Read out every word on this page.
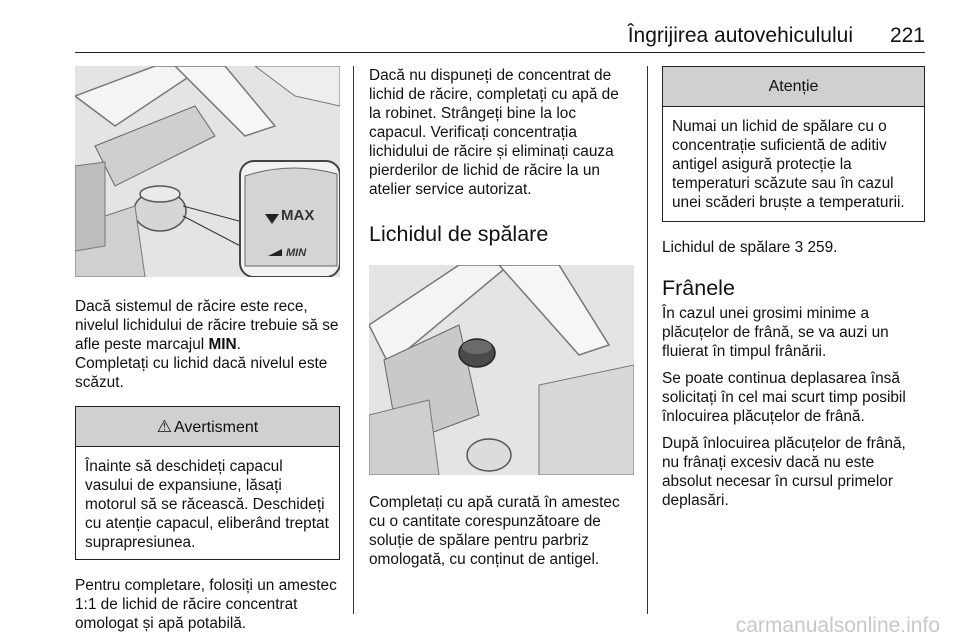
Îngrijirea autovehiculului 221
MAX
MIN

Dacă sistemul de răcire este rece, nivelul lichidului de răcire trebuie să se afle peste marcajul MIN.

Completați cu lichid dacă nivelul este scăzut.

⚠ Avertisment
Înainte să deschideți capacul vasului de expansiune, lăsați motorul să se răcească. Deschideți cu atenție capacul, eliberând treptat suprapresiunea.

Pentru completare, folosiți un amestec 1:1 de lichid de răcire concentrat omologat și apă potabilă.

Dacă nu dispuneți de concentrat de lichid de răcire, completați cu apă de la robinet. Strângeți bine la loc capacul. Verificați concentrația lichidului de răcire și eliminați cauza pierderilor de lichid de răcire la un atelier service autorizat.

Lichidul de spălare

Completați cu apă curată în amestec cu o cantitate corespunzătoare de soluție de spălare pentru parbriz omologată, cu conținut de antigel.

Atenție
Numai un lichid de spălare cu o concentrație suficientă de aditiv antigel asigură protecție la temperaturi scăzute sau în cazul unei scăderi bruște a temperaturii.

Lichidul de spălare 3 259.

Frânele

În cazul unei grosimi minime a plăcuțelor de frână, se va auzi un fluierat în timpul frânării.

Se poate continua deplasarea însă solicitați în cel mai scurt timp posibil înlocuirea plăcuțelor de frână.

După înlocuirea plăcuțelor de frână, nu frânați excesiv dacă nu este absolut necesar în cursul primelor deplasări.

carmanualsonline.info
